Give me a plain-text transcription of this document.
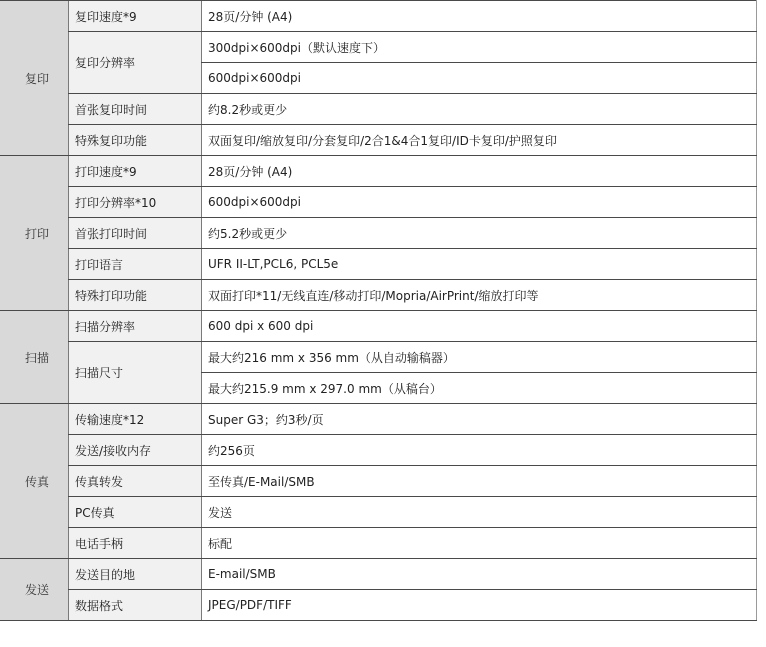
复印	复印速度*9	28页/分钟 (A4)
	复印分辨率	300dpi×600dpi（默认速度下）
		600dpi×600dpi
	首张复印时间	约8.2秒或更少
	特殊复印功能	双面复印/缩放复印/分套复印/2合1&4合1复印/ID卡复印/护照复印
打印	打印速度*9	28页/分钟 (A4)
	打印分辨率*10	600dpi×600dpi
	首张打印时间	约5.2秒或更少
	打印语言	UFR II-LT,PCL6, PCL5e
	特殊打印功能	双面打印*11/无线直连/移动打印/Mopria/AirPrint/缩放打印等
扫描	扫描分辨率	600 dpi x 600 dpi
	扫描尺寸	最大约216 mm x 356 mm（从自动输稿器）
		最大约215.9 mm x 297.0 mm（从稿台）
传真	传输速度*12	Super G3；约3秒/页
	发送/接收内存	约256页
	传真转发	至传真/E-Mail/SMB
	PC传真	发送
	电话手柄	标配
发送	发送目的地	E-mail/SMB
	数据格式	JPEG/PDF/TIFF
